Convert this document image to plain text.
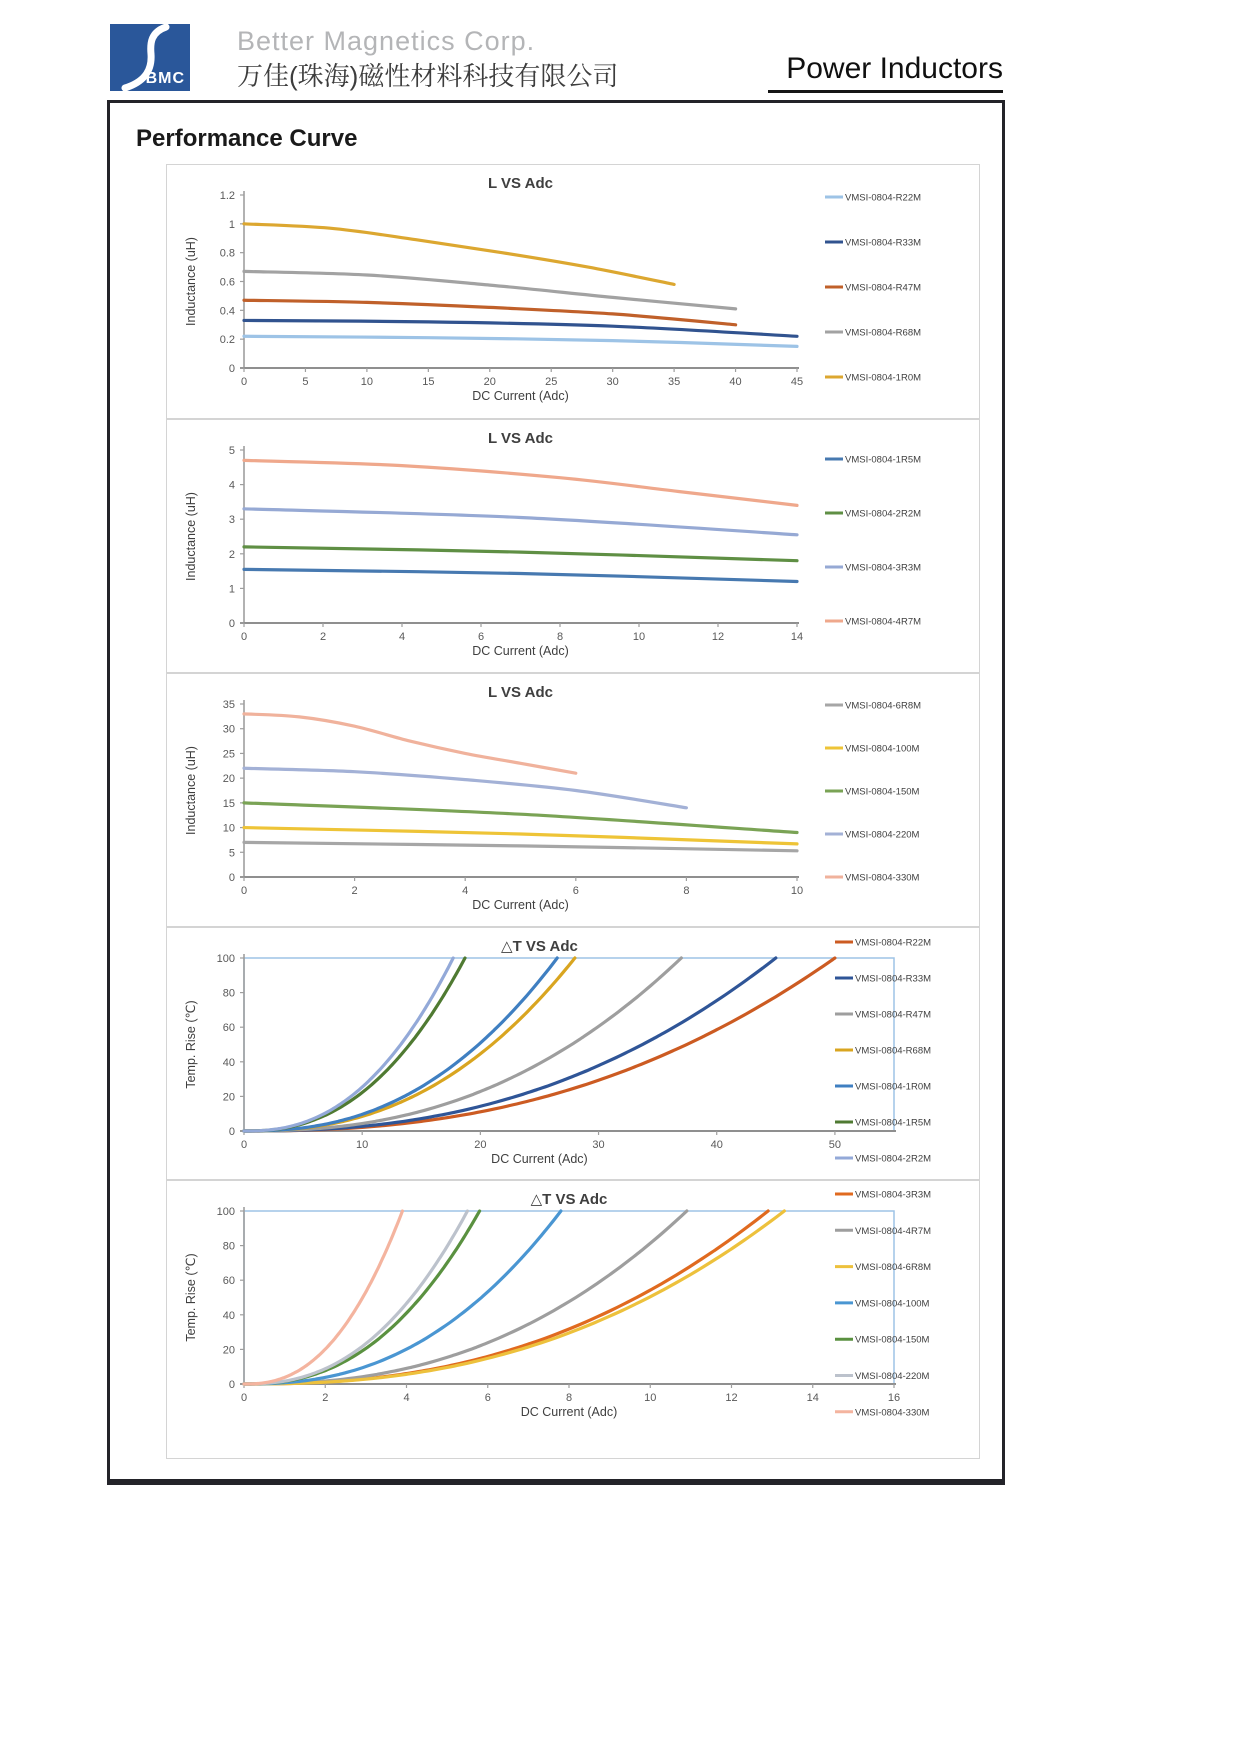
BMC
Better Magnetics Corp.
万佳(珠海)磁性材料科技有限公司	Power Inductors
Performance Curve
0
0.2
0.4
0.6
0.8
1
1.2
0	5	10	15	20	25	30	35	40	45
L VS Adc
DC Current (Adc)
Inductance (uH)
VMSI-0804-R22M
VMSI-0804-R33M
VMSI-0804-R47M
VMSI-0804-R68M
VMSI-0804-1R0M
0
1
2
3
4
5
0	2	4	6	8	10	12	14
L VS Adc
DC Current (Adc)
Inductance (uH)
VMSI-0804-1R5M
VMSI-0804-2R2M
VMSI-0804-3R3M
VMSI-0804-4R7M
0
5
10
15
20
25
30
35
0	2	4	6	8	10
L VS Adc
DC Current (Adc)
Inductance (uH)
VMSI-0804-6R8M
VMSI-0804-100M
VMSI-0804-150M
VMSI-0804-220M
VMSI-0804-330M
0
20
40
60
80
100
0	10	20	30	40	50
△T VS Adc
DC Current (Adc)
Temp. Rise (℃)
VMSI-0804-R22M
VMSI-0804-R33M
VMSI-0804-R47M
VMSI-0804-R68M
VMSI-0804-1R0M
VMSI-0804-1R5M
VMSI-0804-2R2M
0
20
40
60
80
100
0	2	4	6	8	10	12	14	16
△T VS Adc
DC Current (Adc)
Temp. Rise (℃)
VMSI-0804-3R3M
VMSI-0804-4R7M
VMSI-0804-6R8M
VMSI-0804-100M
VMSI-0804-150M
VMSI-0804-220M
VMSI-0804-330M
